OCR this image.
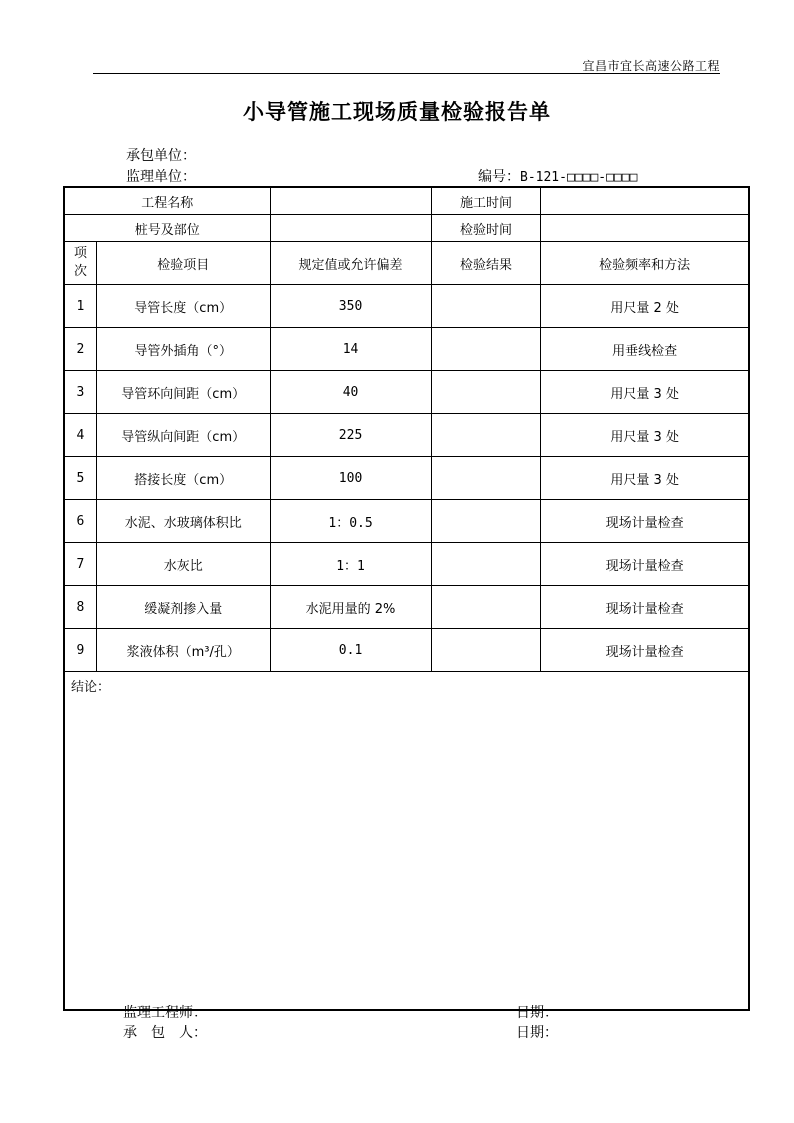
宜昌市宜长高速公路工程
小导管施工现场质量检验报告单
承包单位：
监理单位：	编号：B-121-□□□□-□□□□
工程名称			施工时间	
桩号及部位			检验时间	
项次	检验项目	规定值或允许偏差	检验结果	检验频率和方法
1	导管长度（cm）	350		用尺量 2 处
2	导管外插角（°）	14		用垂线检查
3	导管环向间距（cm）	40		用尺量 3 处
4	导管纵向间距（cm）	225		用尺量 3 处
5	搭接长度（cm）	100		用尺量 3 处
6	水泥、水玻璃体积比	1：0.5		现场计量检查
7	水灰比	1：1		现场计量检查
8	缓凝剂掺入量	水泥用量的 2%		现场计量检查
9	浆液体积（m³/孔）	0.1		现场计量检查
结论：				
监理工程师：	日期：
承　包　人：	日期：
